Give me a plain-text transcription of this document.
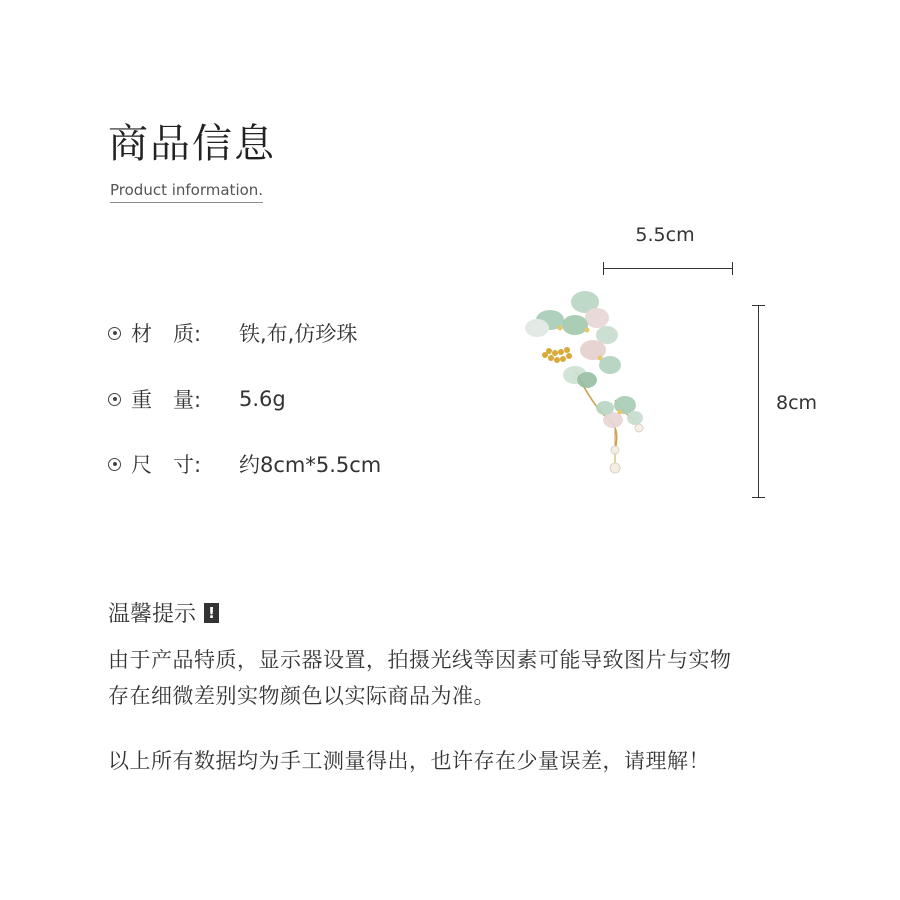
商品信息
Product information.
材　质:	铁,布,仿珍珠
重　量:	5.6g
尺　寸:	约8cm*5.5cm
5.5cm
8cm
温馨提示 !
由于产品特质，显示器设置，拍摄光线等因素可能导致图片与实物
存在细微差别实物颜色以实际商品为准。
以上所有数据均为手工测量得出，也许存在少量误差，请理解！
